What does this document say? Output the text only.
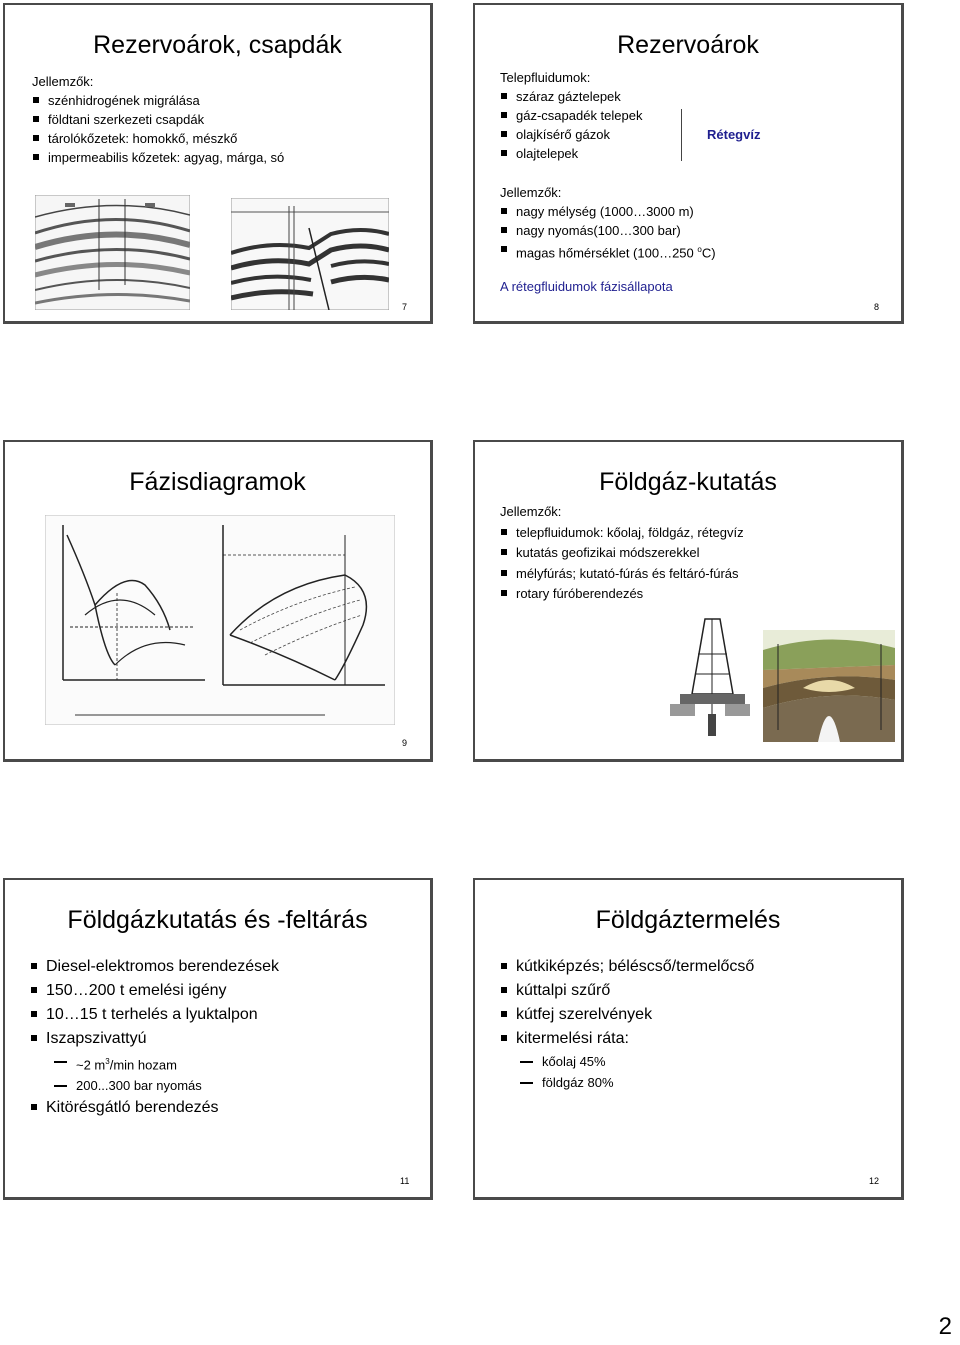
Rezervoárok, csapdák
Jellemzők:
szénhidrogének migrálása
földtani szerkezeti csapdák
tárolókőzetek: homokkő, mészkő
impermeabilis kőzetek: agyag, márga, só
7
Rezervoárok
Telepfluidumok:
száraz gáztelepek
gáz-csapadék telepek
olajkísérő gázok
olajtelepek
Rétegvíz
Jellemzők:
nagy mélység (1000…3000 m)
nagy nyomás(100…300 bar)
magas hőmérséklet (100…250 $^o$C)
A rétegfluidumok fázisállapota
8
Fázisdiagramok
9
Földgáz-kutatás
Jellemzők:
telepfluidumok: kőolaj, földgáz, rétegvíz
kutatás geofizikai módszerekkel
mélyfúrás; kutató-fúrás és feltáró-fúrás
rotary fúróberendezés
Földgázkutatás és -feltárás
Diesel-elektromos berendezések
150…200 t emelési igény
10…15 t terhelés a lyuktalpon
Iszapszivattyú
~2 $m^3/\min$ hozam
200...300 bar nyomás
Kitörésgátló berendezés
11
Földgáztermelés
kútkiképzés; béléscső/termelőcső
kúttalpi szűrő
kútfej szerelvények
kitermelési ráta:
kőolaj 45%
földgáz 80%
12
2
